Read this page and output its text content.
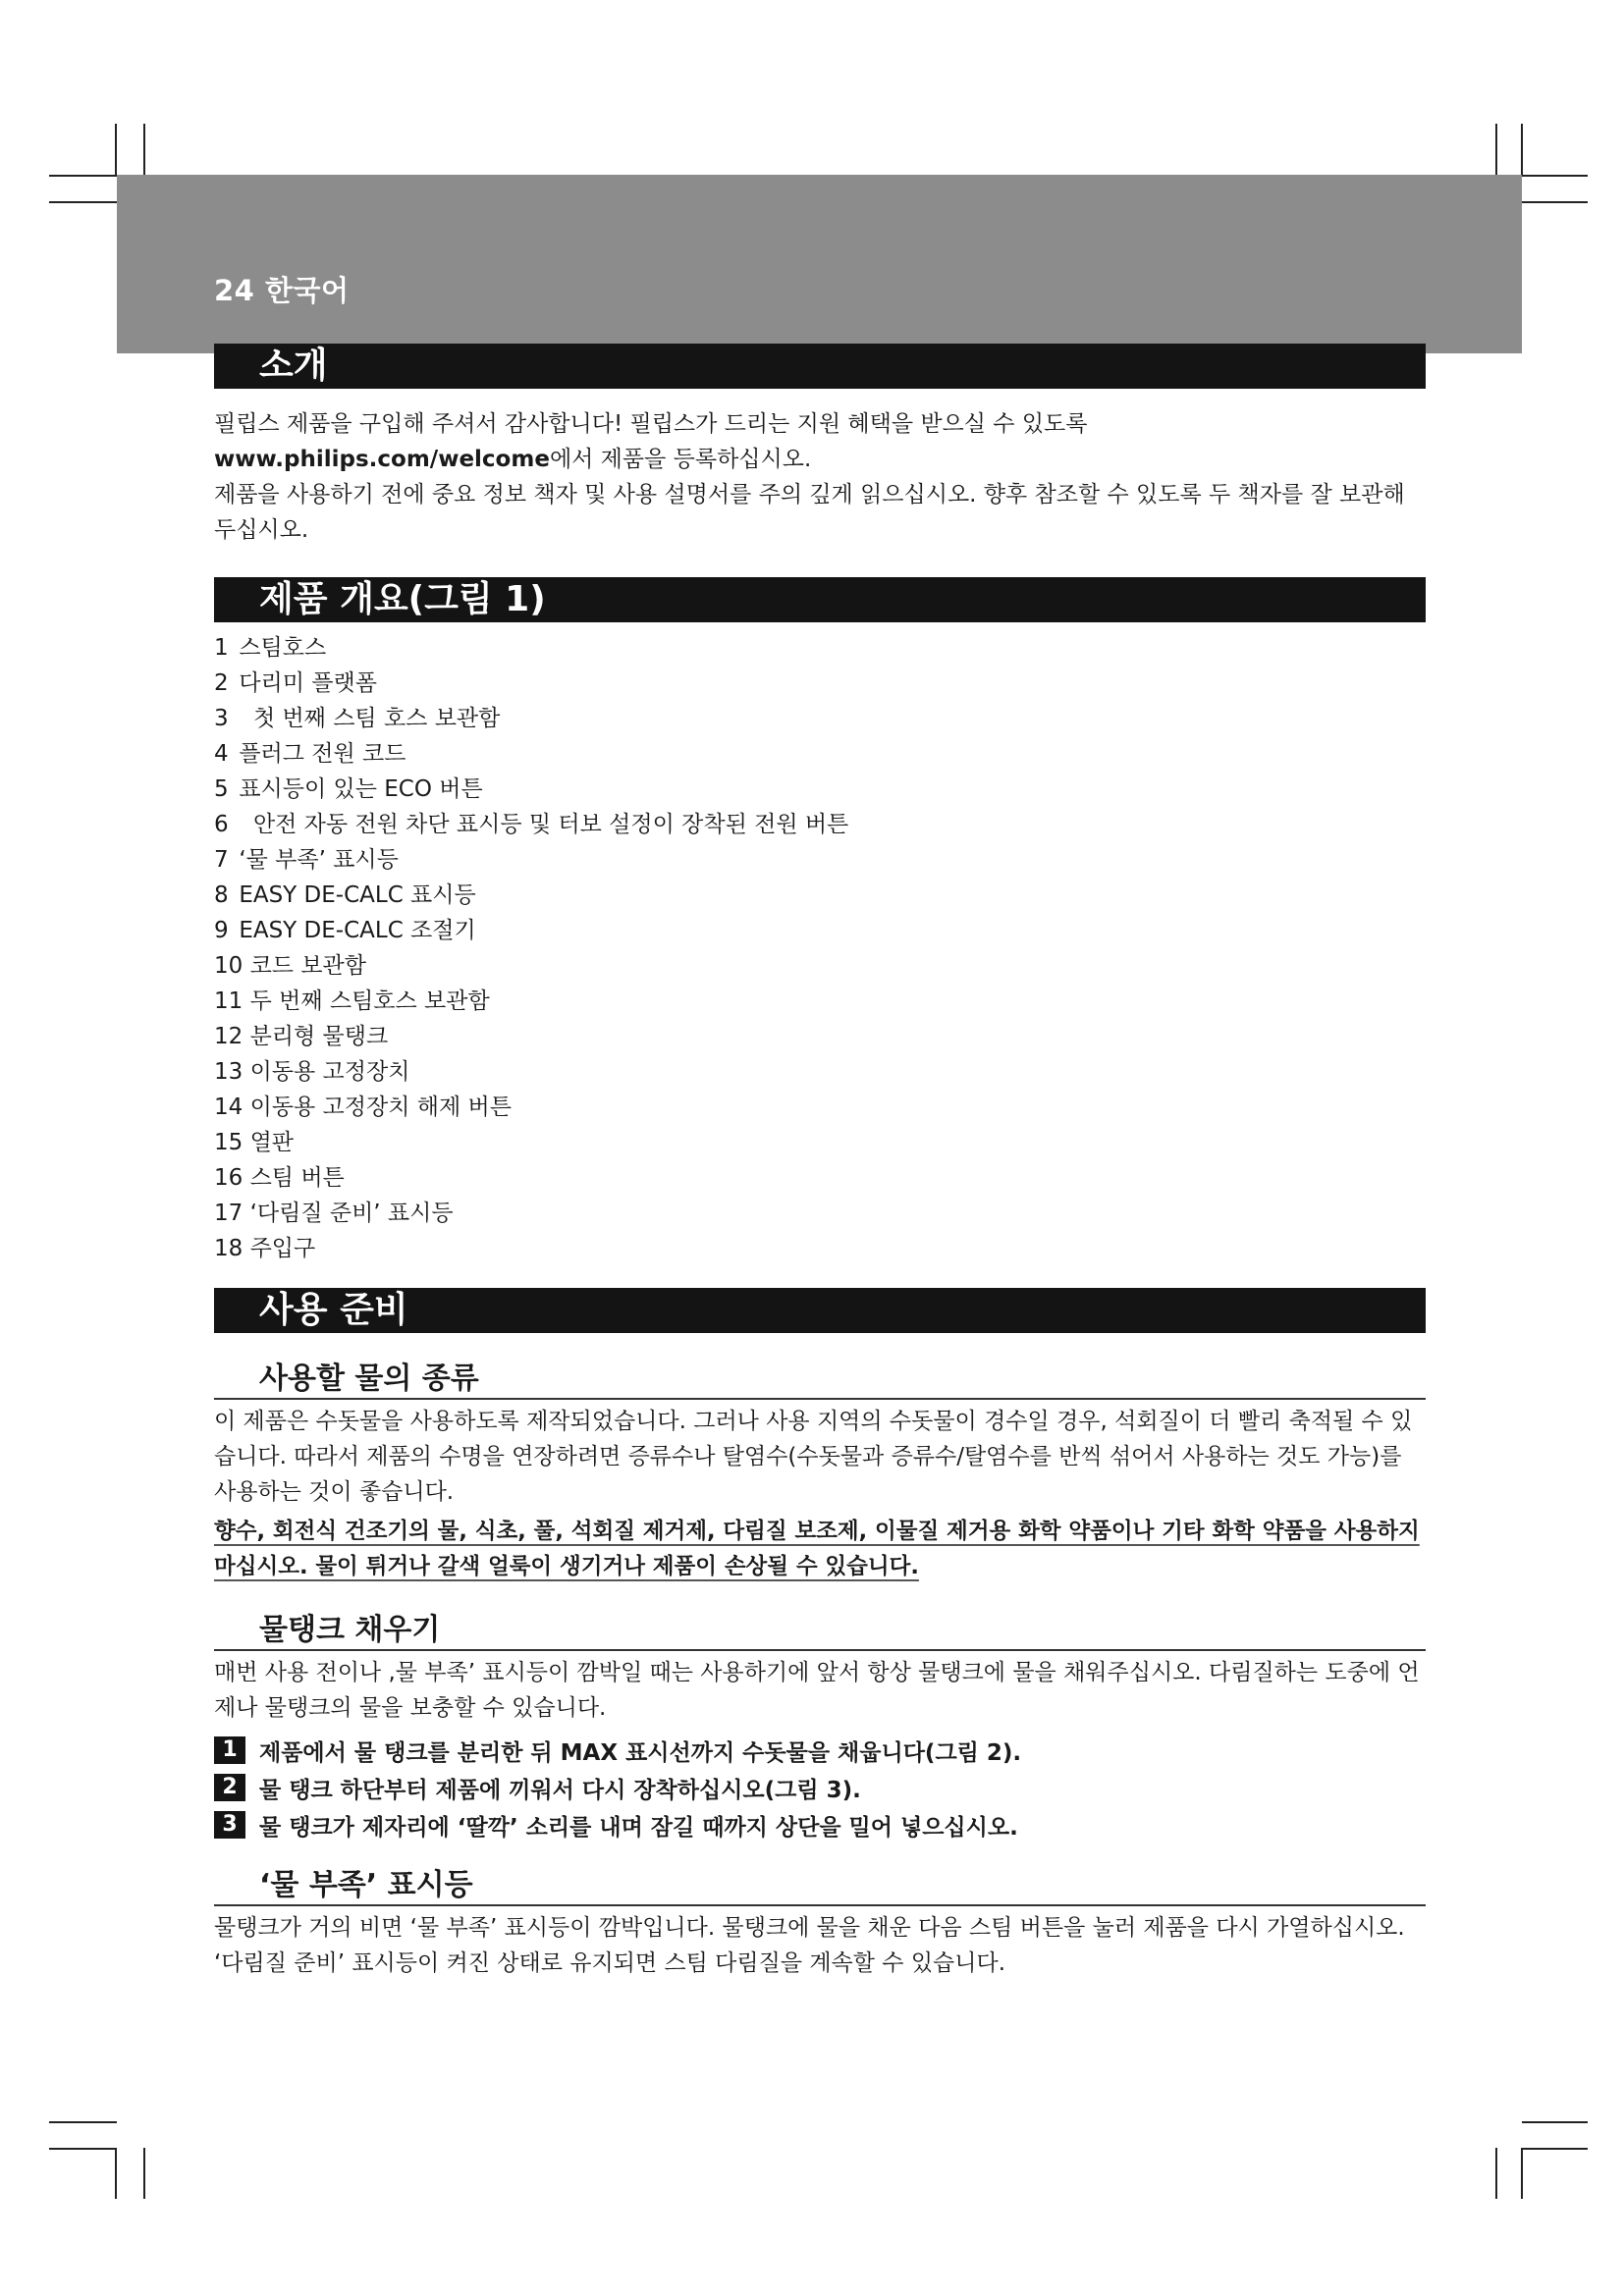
24 한국어
소개

필립스 제품을 구입해 주셔서 감사합니다! 필립스가 드리는 지원 혜택을 받으실 수 있도록
www.philips.com/welcome에서 제품을 등록하십시오.

제품을 사용하기 전에 중요 정보 책자 및 사용 설명서를 주의 깊게 읽으십시오. 향후 참조할 수 있도록 두 책자를 잘 보관해 두십시오.

제품 개요(그림 1)
1 스팀호스
2 다리미 플랫폼
3 첫 번째 스팀 호스 보관함
4 플러그 전원 코드
5 표시등이 있는 ECO 버튼
6 안전 자동 전원 차단 표시등 및 터보 설정이 장착된 전원 버튼
7 ‘물 부족’ 표시등
8 EASY DE-CALC 표시등
9 EASY DE-CALC 조절기
10 코드 보관함
11 두 번째 스팀호스 보관함
12 분리형 물탱크
13 이동용 고정장치
14 이동용 고정장치 해제 버튼
15 열판
16 스팀 버튼
17 ‘다림질 준비’ 표시등
18 주입구
사용 준비
사용할 물의 종류

이 제품은 수돗물을 사용하도록 제작되었습니다. 그러나 사용 지역의 수돗물이 경수일 경우, 석회질이 더 빨리 축적될 수 있습니다. 따라서 제품의 수명을 연장하려면 증류수나 탈염수(수돗물과 증류수/탈염수를 반씩 섞어서 사용하는 것도 가능)를 사용하는 것이 좋습니다.

향수, 회전식 건조기의 물, 식초, 풀, 석회질 제거제, 다림질 보조제, 이물질 제거용 화학 약품이나 기타 화학 약품을 사용하지 마십시오. 물이 튀거나 갈색 얼룩이 생기거나 제품이 손상될 수 있습니다.

물탱크 채우기

매번 사용 전이나 ,물 부족’ 표시등이 깜박일 때는 사용하기에 앞서 항상 물탱크에 물을 채워주십시오. 다림질하는 도중에 언제나 물탱크의 물을 보충할 수 있습니다.

1 제품에서 물 탱크를 분리한 뒤 MAX 표시선까지 수돗물을 채웁니다(그림 2).
2 물 탱크 하단부터 제품에 끼워서 다시 장착하십시오(그림 3).
3 물 탱크가 제자리에 ‘딸깍’ 소리를 내며 잠길 때까지 상단을 밀어 넣으십시오.
‘물 부족’ 표시등

물탱크가 거의 비면 ‘물 부족’ 표시등이 깜박입니다. 물탱크에 물을 채운 다음 스팀 버튼을 눌러 제품을 다시 가열하십시오. ‘다림질 준비’ 표시등이 켜진 상태로 유지되면 스팀 다림질을 계속할 수 있습니다.
